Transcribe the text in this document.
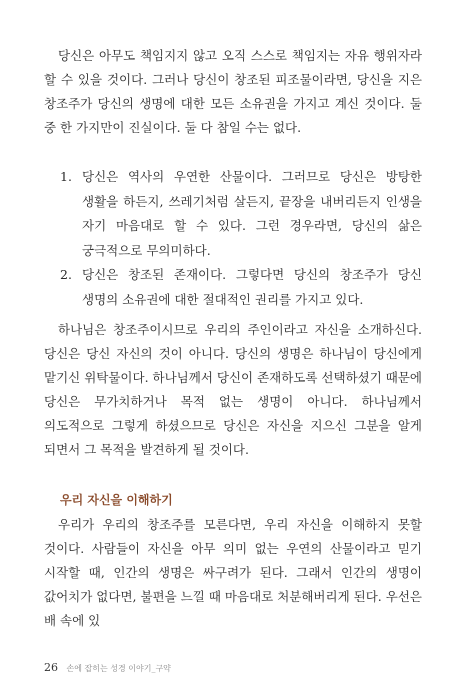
당신은 아무도 책임지지 않고 오직 스스로 책임지는 자유 행위자라 할 수 있을 것이다. 그러나 당신이 창조된 피조물이라면, 당신을 지은 창조주가 당신의 생명에 대한 모든 소유권을 가지고 계신 것이다. 둘 중 한 가지만이 진실이다. 둘 다 참일 수는 없다.

1. 당신은 역사의 우연한 산물이다. 그러므로 당신은 방탕한 생활을 하든지, 쓰레기처럼 살든지, 끝장을 내버리든지 인생을 자기 마음대로 할 수 있다. 그런 경우라면, 당신의 삶은 궁극적으로 무의미하다.
2. 당신은 창조된 존재이다. 그렇다면 당신의 창조주가 당신 생명의 소유권에 대한 절대적인 권리를 가지고 있다.

하나님은 창조주이시므로 우리의 주인이라고 자신을 소개하신다. 당신은 당신 자신의 것이 아니다. 당신의 생명은 하나님이 당신에게 맡기신 위탁물이다. 하나님께서 당신이 존재하도록 선택하셨기 때문에 당신은 무가치하거나 목적 없는 생명이 아니다. 하나님께서 의도적으로 그렇게 하셨으므로 당신은 자신을 지으신 그분을 알게 되면서 그 목적을 발견하게 될 것이다.

우리 자신을 이해하기

우리가 우리의 창조주를 모른다면, 우리 자신을 이해하지 못할 것이다. 사람들이 자신을 아무 의미 없는 우연의 산물이라고 믿기 시작할 때, 인간의 생명은 싸구려가 된다. 그래서 인간의 생명이 값어치가 없다면, 불편을 느낄 때 마음대로 처분해버리게 된다. 우선은 배 속에 있

26 손에 잡히는 성경 이야기_구약
